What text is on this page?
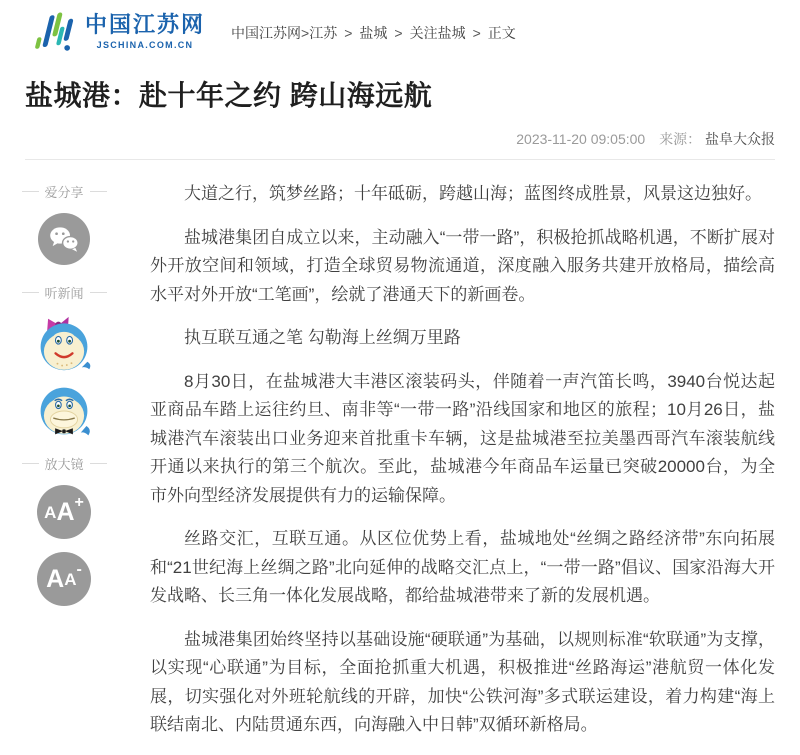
中国江苏网
JSCHINA.COM.CN
中国江苏网>江苏 > 盐城 > 关注盐城 > 正文
盐城港：赴十年之约 跨山海远航
2023-11-20 09:05:00 来源： 盐阜大众报
爱分享
听新闻
放大镜
A A +
A A -

大道之行，筑梦丝路；十年砥砺，跨越山海；蓝图终成胜景，风景这边独好。

盐城港集团自成立以来，主动融入“一带一路”，积极抢抓战略机遇，不断扩展对外开放空间和领域，打造全球贸易物流通道，深度融入服务共建开放格局，描绘高水平对外开放“工笔画”，绘就了港通天下的新画卷。

执互联互通之笔 勾勒海上丝绸万里路

8月30日，在盐城港大丰港区滚装码头，伴随着一声汽笛长鸣，3940台悦达起亚商品车踏上运往约旦、南非等“一带一路”沿线国家和地区的旅程；10月26日，盐城港汽车滚装出口业务迎来首批重卡车辆，这是盐城港至拉美墨西哥汽车滚装航线开通以来执行的第三个航次。至此，盐城港今年商品车运量已突破20000台，为全市外向型经济发展提供有力的运输保障。

丝路交汇，互联互通。从区位优势上看，盐城地处“丝绸之路经济带”东向拓展和“21世纪海上丝绸之路”北向延伸的战略交汇点上，“一带一路”倡议、国家沿海大开发战略、长三角一体化发展战略，都给盐城港带来了新的发展机遇。

盐城港集团始终坚持以基础设施“硬联通”为基础，以规则标准“软联通”为支撑，以实现“心联通”为目标，全面抢抓重大机遇，积极推进“丝路海运”港航贸一体化发展，切实强化对外班轮航线的开辟，加快“公铁河海”多式联运建设，着力构建“海上联结南北、内陆贯通东西，向海融入中日韩”双循环新格局。
